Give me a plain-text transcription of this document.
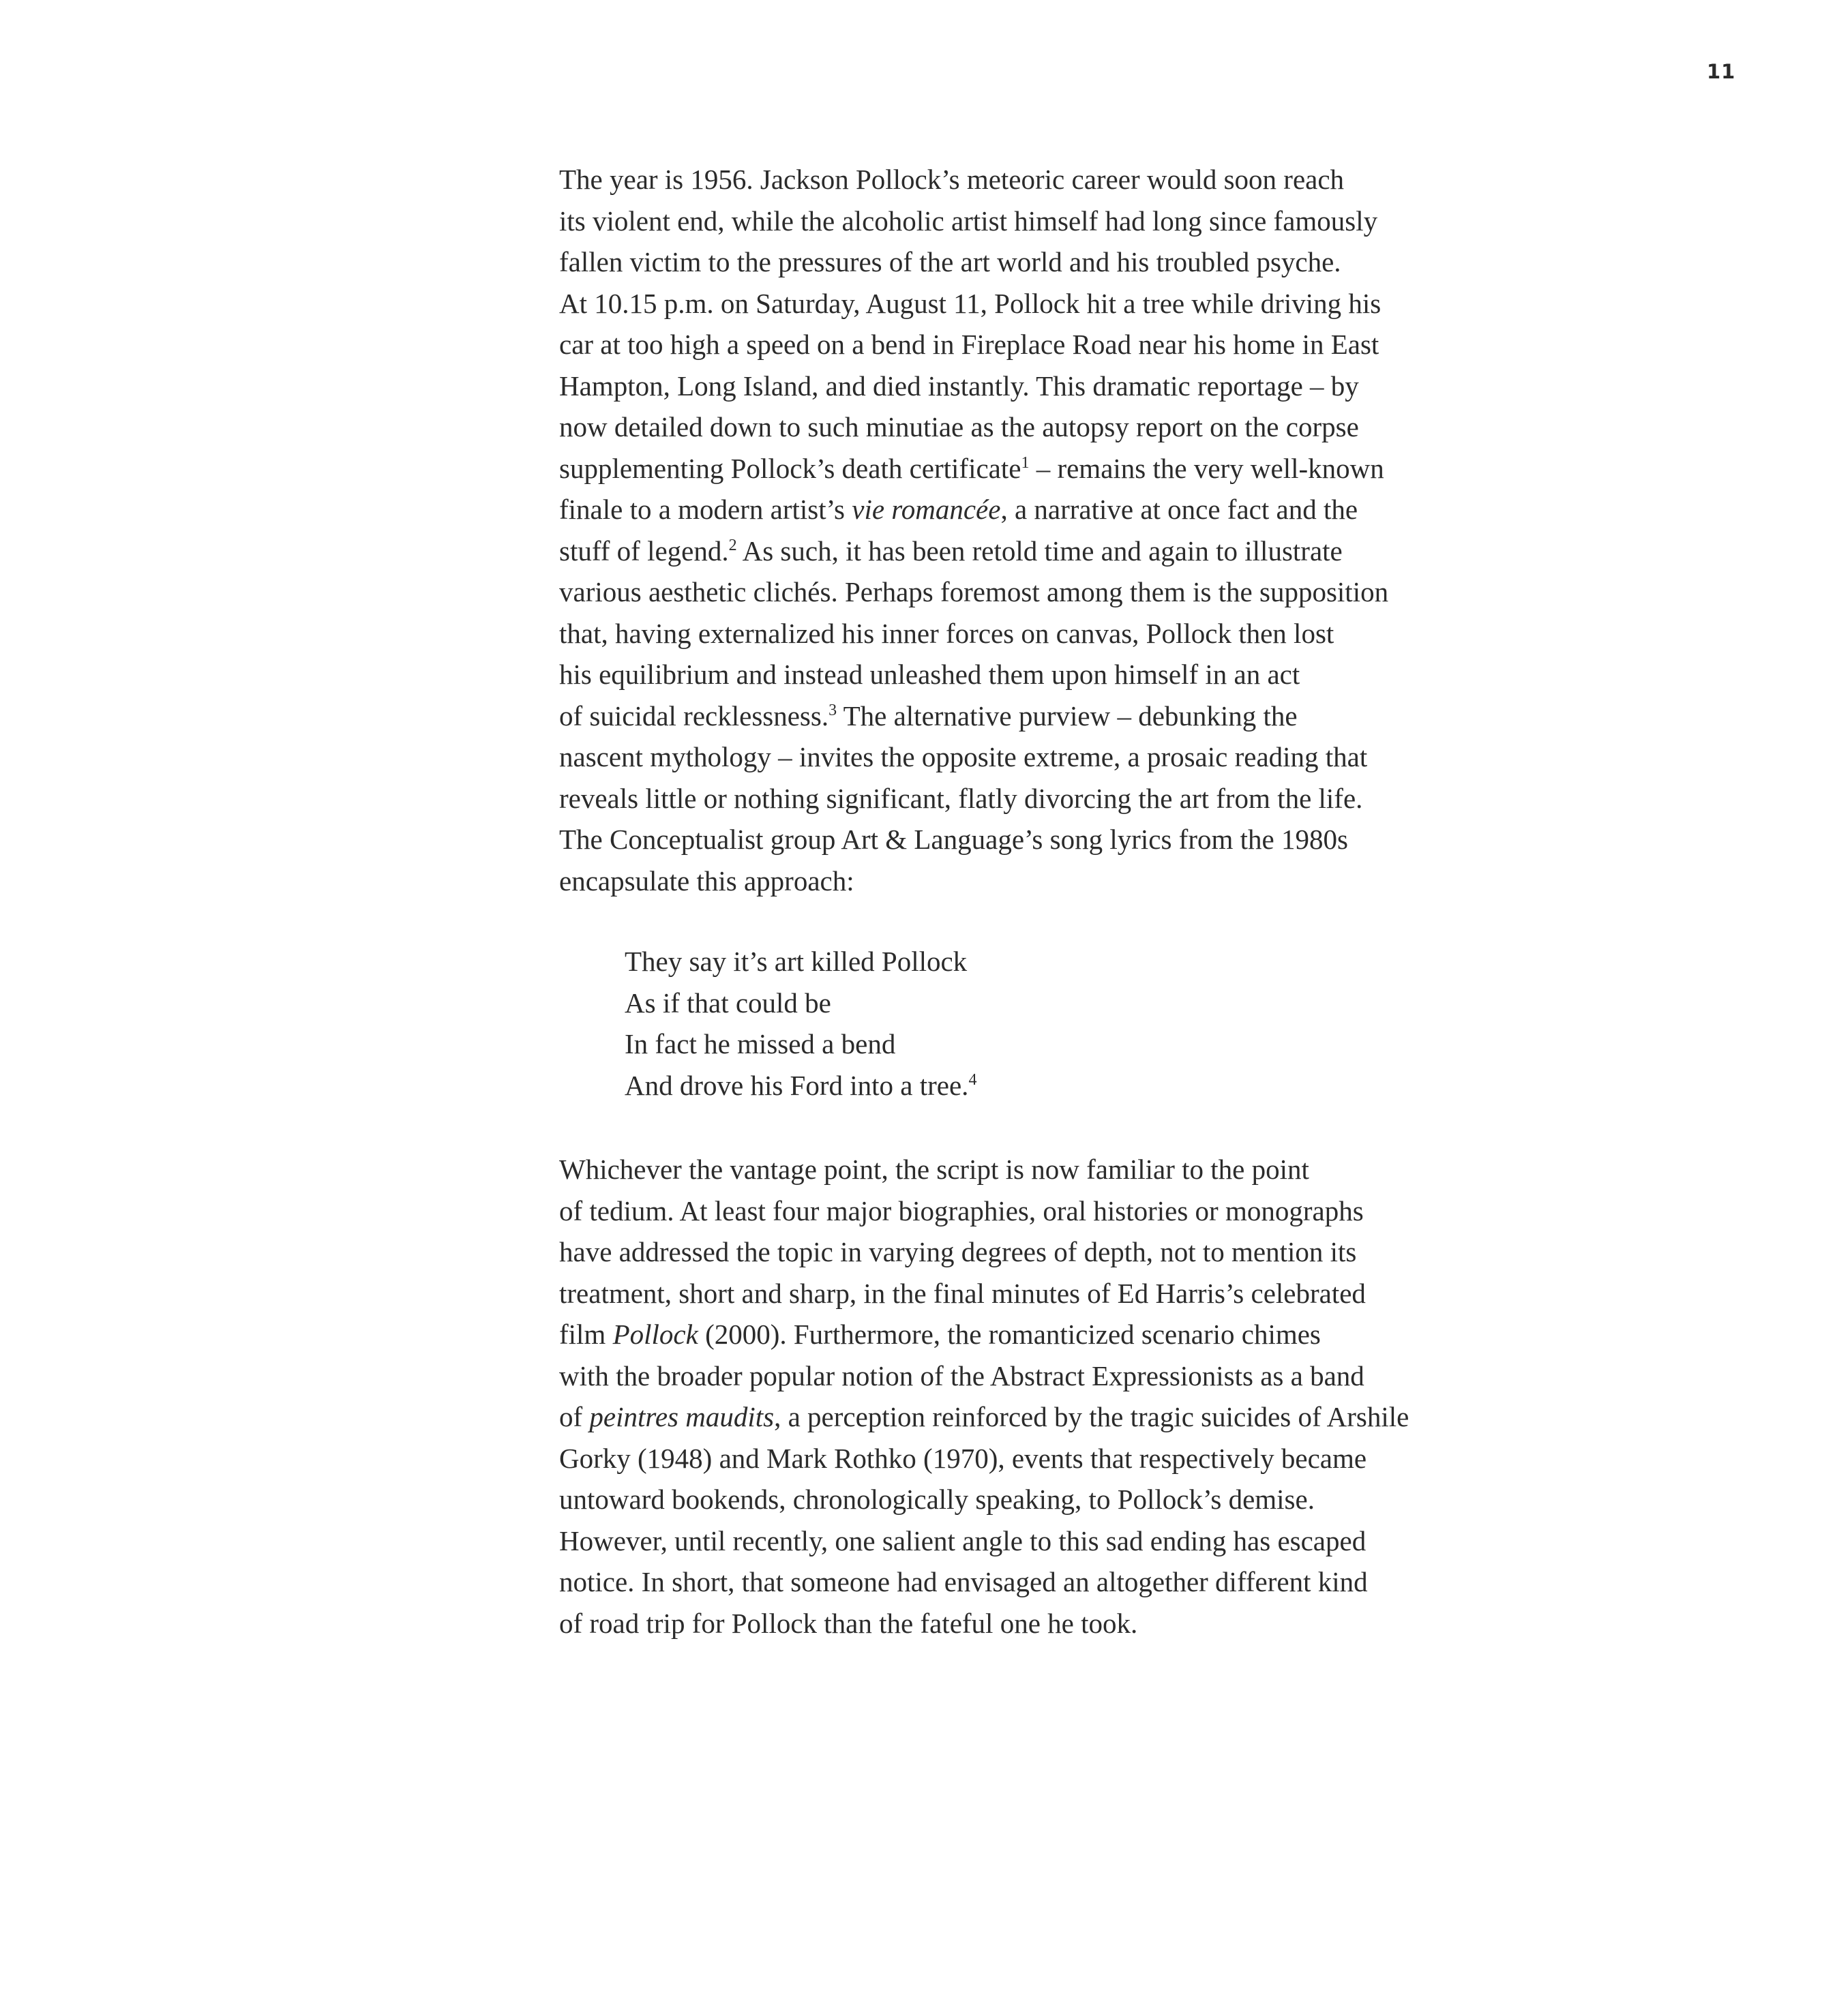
11
The year is 1956. Jackson Pollock’s meteoric career would soon reach
its violent end, while the alcoholic artist himself had long since famously
fallen victim to the pressures of the art world and his troubled psyche.
At 10.15 p.m. on Saturday, August 11, Pollock hit a tree while driving his
car at too high a speed on a bend in Fireplace Road near his home in East
Hampton, Long Island, and died instantly. This dramatic reportage – by
now detailed down to such minutiae as the autopsy report on the corpse
supplementing Pollock’s death certificate$^1$ – remains the very well-known
finale to a modern artist’s vie romancée, a narrative at once fact and the
stuff of legend.$^2$ As such, it has been retold time and again to illustrate
various aesthetic clichés. Perhaps foremost among them is the supposition
that, having externalized his inner forces on canvas, Pollock then lost
his equilibrium and instead unleashed them upon himself in an act
of suicidal recklessness.$^3$ The alternative purview – debunking the
nascent mythology – invites the opposite extreme, a prosaic reading that
reveals little or nothing significant, flatly divorcing the art from the life.
The Conceptualist group Art & Language’s song lyrics from the 1980s
encapsulate this approach:
They say it’s art killed Pollock
As if that could be
In fact he missed a bend
And drove his Ford into a tree.$^4$
Whichever the vantage point, the script is now familiar to the point
of tedium. At least four major biographies, oral histories or monographs
have addressed the topic in varying degrees of depth, not to mention its
treatment, short and sharp, in the final minutes of Ed Harris’s celebrated
film Pollock (2000). Furthermore, the romanticized scenario chimes
with the broader popular notion of the Abstract Expressionists as a band
of peintres maudits, a perception reinforced by the tragic suicides of Arshile
Gorky (1948) and Mark Rothko (1970), events that respectively became
untoward bookends, chronologically speaking, to Pollock’s demise.
However, until recently, one salient angle to this sad ending has escaped
notice. In short, that someone had envisaged an altogether different kind
of road trip for Pollock than the fateful one he took.
